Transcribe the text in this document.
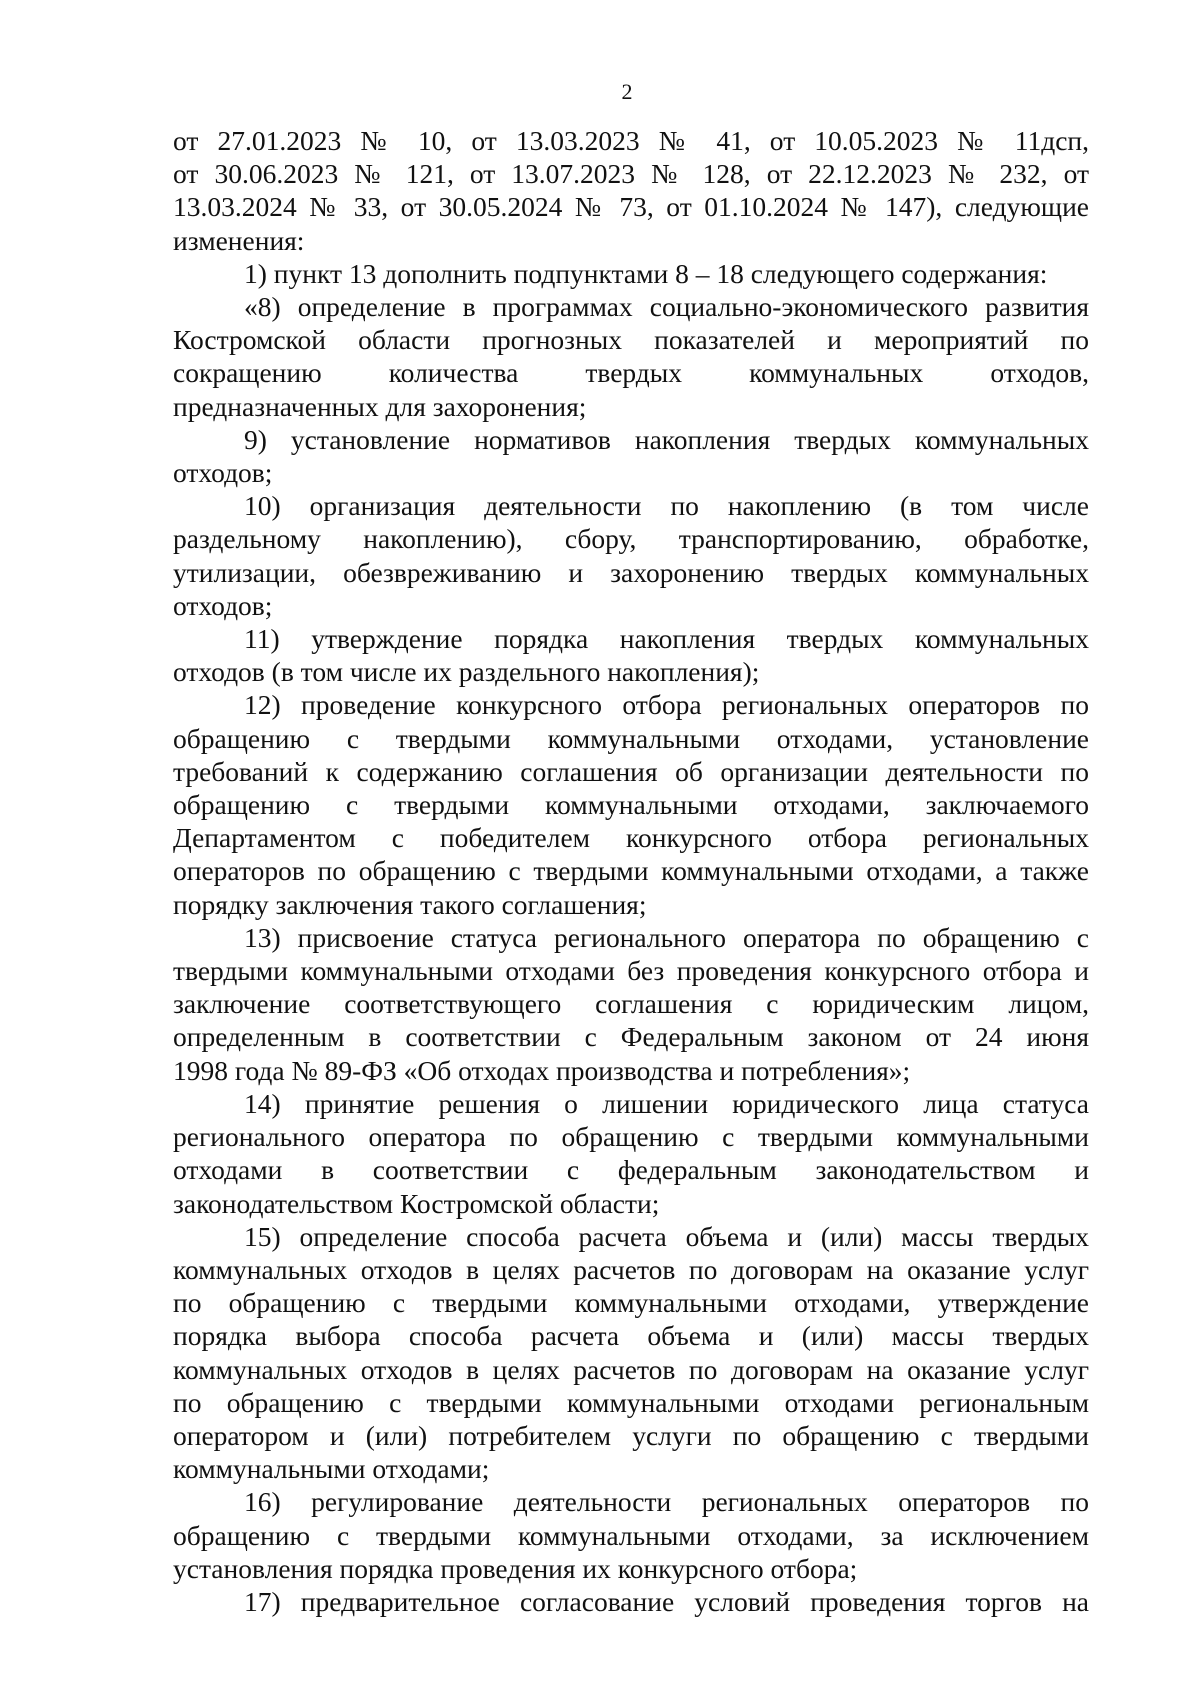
2
от 27.01.2023 № 10, от 13.03.2023 № 41, от 10.05.2023 № 11дсп,
от 30.06.2023 № 121, от 13.07.2023 № 128, от 22.12.2023 № 232, от
13.03.2024 № 33, от 30.05.2024 № 73, от 01.10.2024 № 147), следующие
изменения:
1) пункт 13 дополнить подпунктами 8 – 18 следующего содержания:
«8) определение в программах социально-экономического развития
Костромской области прогнозных показателей и мероприятий по
сокращению количества твердых коммунальных отходов,
предназначенных для захоронения;
9) установление нормативов накопления твердых коммунальных
отходов;
10) организация деятельности по накоплению (в том числе
раздельному накоплению), сбору, транспортированию, обработке,
утилизации, обезвреживанию и захоронению твердых коммунальных
отходов;
11) утверждение порядка накопления твердых коммунальных
отходов (в том числе их раздельного накопления);
12) проведение конкурсного отбора региональных операторов по
обращению с твердыми коммунальными отходами, установление
требований к содержанию соглашения об организации деятельности по
обращению с твердыми коммунальными отходами, заключаемого
Департаментом с победителем конкурсного отбора региональных
операторов по обращению с твердыми коммунальными отходами, а также
порядку заключения такого соглашения;
13) присвоение статуса регионального оператора по обращению с
твердыми коммунальными отходами без проведения конкурсного отбора и
заключение соответствующего соглашения с юридическим лицом,
определенным в соответствии с Федеральным законом от 24 июня
1998 года № 89-ФЗ «Об отходах производства и потребления»;
14) принятие решения о лишении юридического лица статуса
регионального оператора по обращению с твердыми коммунальными
отходами в соответствии с федеральным законодательством и
законодательством Костромской области;
15) определение способа расчета объема и (или) массы твердых
коммунальных отходов в целях расчетов по договорам на оказание услуг
по обращению с твердыми коммунальными отходами, утверждение
порядка выбора способа расчета объема и (или) массы твердых
коммунальных отходов в целях расчетов по договорам на оказание услуг
по обращению с твердыми коммунальными отходами региональным
оператором и (или) потребителем услуги по обращению с твердыми
коммунальными отходами;
16) регулирование деятельности региональных операторов по
обращению с твердыми коммунальными отходами, за исключением
установления порядка проведения их конкурсного отбора;
17) предварительное согласование условий проведения торгов на
